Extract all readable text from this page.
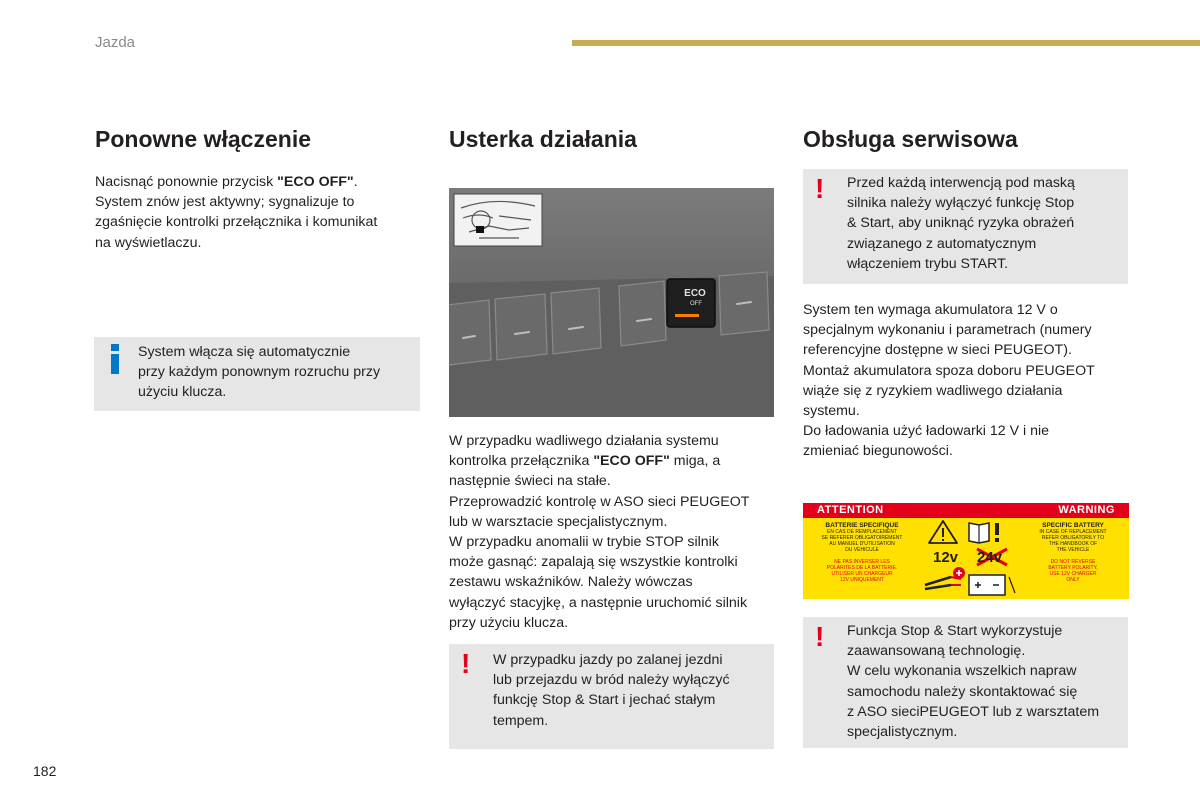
Jazda
Ponowne włączenie
Nacisnąć ponownie przycisk "ECO OFF".
System znów jest aktywny; sygnalizuje to
zgaśnięcie kontrolki przełącznika i komunikat
na wyświetlaczu.
System włącza się automatycznie
przy każdym ponownym rozruchu przy
użyciu klucza.
Usterka działania
ECO
OFF
W przypadku wadliwego działania systemu
kontrolka przełącznika "ECO OFF" miga, a
następnie świeci na stałe.
Przeprowadzić kontrolę w ASO sieci PEUGEOT
lub w warsztacie specjalistycznym.
W przypadku anomalii w trybie STOP silnik
może gasnąć: zapalają się wszystkie kontrolki
zestawu wskaźników. Należy wówczas
wyłączyć stacyjkę, a następnie uruchomić silnik
przy użyciu klucza.
! W przypadku jazdy po zalanej jezdni
lub przejazdu w bród należy wyłączyć
funkcję Stop & Start i jechać stałym
tempem.
Obsługa serwisowa
! Przed każdą interwencją pod maską
silnika należy wyłączyć funkcję Stop
& Start, aby uniknąć ryzyka obrażeń
związanego z automatycznym
włączeniem trybu START.
System ten wymaga akumulatora 12 V o
specjalnym wykonaniu i parametrach (numery
referencyjne dostępne w sieci PEUGEOT).
Montaż akumulatora spoza doboru PEUGEOT
wiąże się z ryzykiem wadliwego działania
systemu.
Do ładowania użyć ładowarki 12 V i nie
zmieniać biegunowości.
ATTENTION	WARNING
BATTERIE SPECIFIQUE
EN CAS DE REMPLACEMENT
SE REFERER OBLIGATOIREMENT
AU MANUEL D'UTILISATION
DU VEHICULE
NE PAS INVERSER LES
POLARITES DE LA BATTERIE.
UTILISER UN CHARGEUR
12V UNIQUEMENT
12v 24v
SPECIFIC BATTERY
IN CASE OF REPLACEMENT
REFER OBLIGATORILY TO
THE HANDBOOK OF
THE VEHICLE
DO NOT REVERSE
BATTERY POLARITY,
USE 12V CHARGER
ONLY
! Funkcja Stop & Start wykorzystuje
zaawansowaną technologię.
W celu wykonania wszelkich napraw
samochodu należy skontaktować się
z ASO sieciPEUGEOT lub z warsztatem
specjalistycznym.
182
